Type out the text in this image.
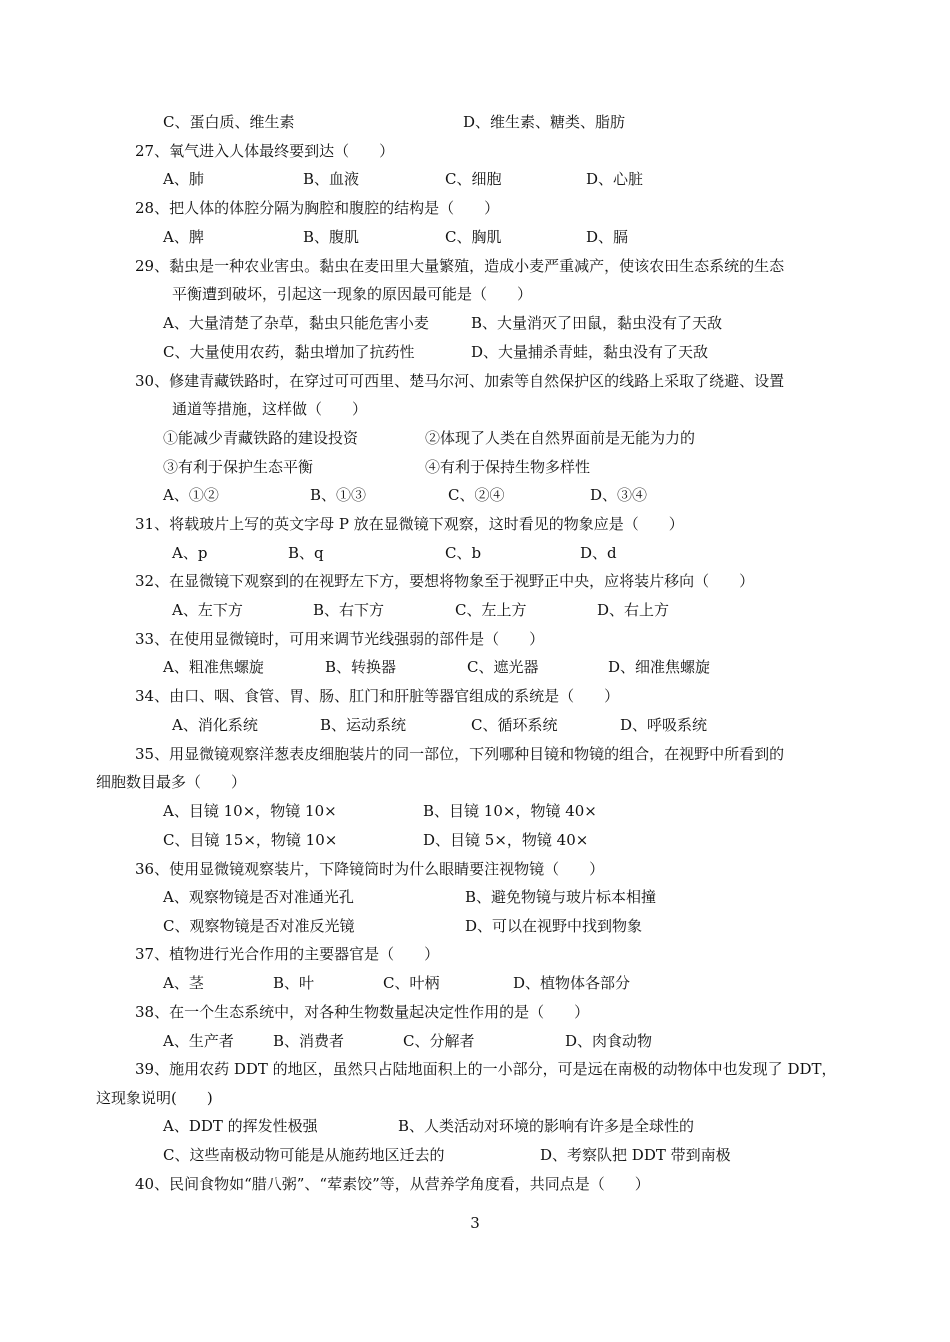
C、蛋白质、维生素	D、维生素、糖类、脂肪
27、氧气进入人体最终要到达（　　）
A、肺	B、血液	C、细胞	D、心脏
28、把人体的体腔分隔为胸腔和腹腔的结构是（　　）
A、脾	B、腹肌	C、胸肌	D、膈
29、黏虫是一种农业害虫。黏虫在麦田里大量繁殖，造成小麦严重减产，使该农田生态系统的生态
平衡遭到破坏，引起这一现象的原因最可能是（　　）
A、大量清楚了杂草，黏虫只能危害小麦	B、大量消灭了田鼠，黏虫没有了天敌
C、大量使用农药，黏虫增加了抗药性	D、大量捕杀青蛙，黏虫没有了天敌
30、修建青藏铁路时，在穿过可可西里、楚马尔河、加索等自然保护区的线路上采取了绕避、设置
通道等措施，这样做（　　）
①能减少青藏铁路的建设投资	②体现了人类在自然界面前是无能为力的
③有利于保护生态平衡	④有利于保持生物多样性
A、①②	B、①③	C、②④	D、③④
31、将载玻片上写的英文字母 P 放在显微镜下观察，这时看见的物象应是（　　）
A、p	B、q	C、b	D、d
32、在显微镜下观察到的在视野左下方，要想将物象至于视野正中央，应将装片移向（　　）
A、左下方	B、右下方	C、左上方	D、右上方
33、在使用显微镜时，可用来调节光线强弱的部件是（　　）
A、粗准焦螺旋	B、转换器	C、遮光器	D、细准焦螺旋
34、由口、咽、食管、胃、肠、肛门和肝脏等器官组成的系统是（　　）
A、消化系统	B、运动系统	C、循环系统	D、呼吸系统
35、用显微镜观察洋葱表皮细胞装片的同一部位，下列哪种目镜和物镜的组合，在视野中所看到的
细胞数目最多（　　）
A、目镜 10×，物镜 10×	B、目镜 10×，物镜 40×
C、目镜 15×，物镜 10×	D、目镜 5×，物镜 40×
36、使用显微镜观察装片，下降镜筒时为什么眼睛要注视物镜（　　）
A、观察物镜是否对准通光孔	B、避免物镜与玻片标本相撞
C、观察物镜是否对准反光镜	D、可以在视野中找到物象
37、植物进行光合作用的主要器官是（　　）
A、茎	B、叶	C、叶柄	D、植物体各部分
38、在一个生态系统中，对各种生物数量起决定性作用的是（　　）
A、生产者	B、消费者	C、分解者	D、肉食动物
39、施用农药 DDT 的地区，虽然只占陆地面积上的一小部分，可是远在南极的动物体中也发现了 DDT，
这现象说明(　　)
A、DDT 的挥发性极强	B、人类活动对环境的影响有许多是全球性的
C、这些南极动物可能是从施药地区迁去的	D、考察队把 DDT 带到南极
40、民间食物如“腊八粥”、“荤素饺”等，从营养学角度看，共同点是（　　）
3
